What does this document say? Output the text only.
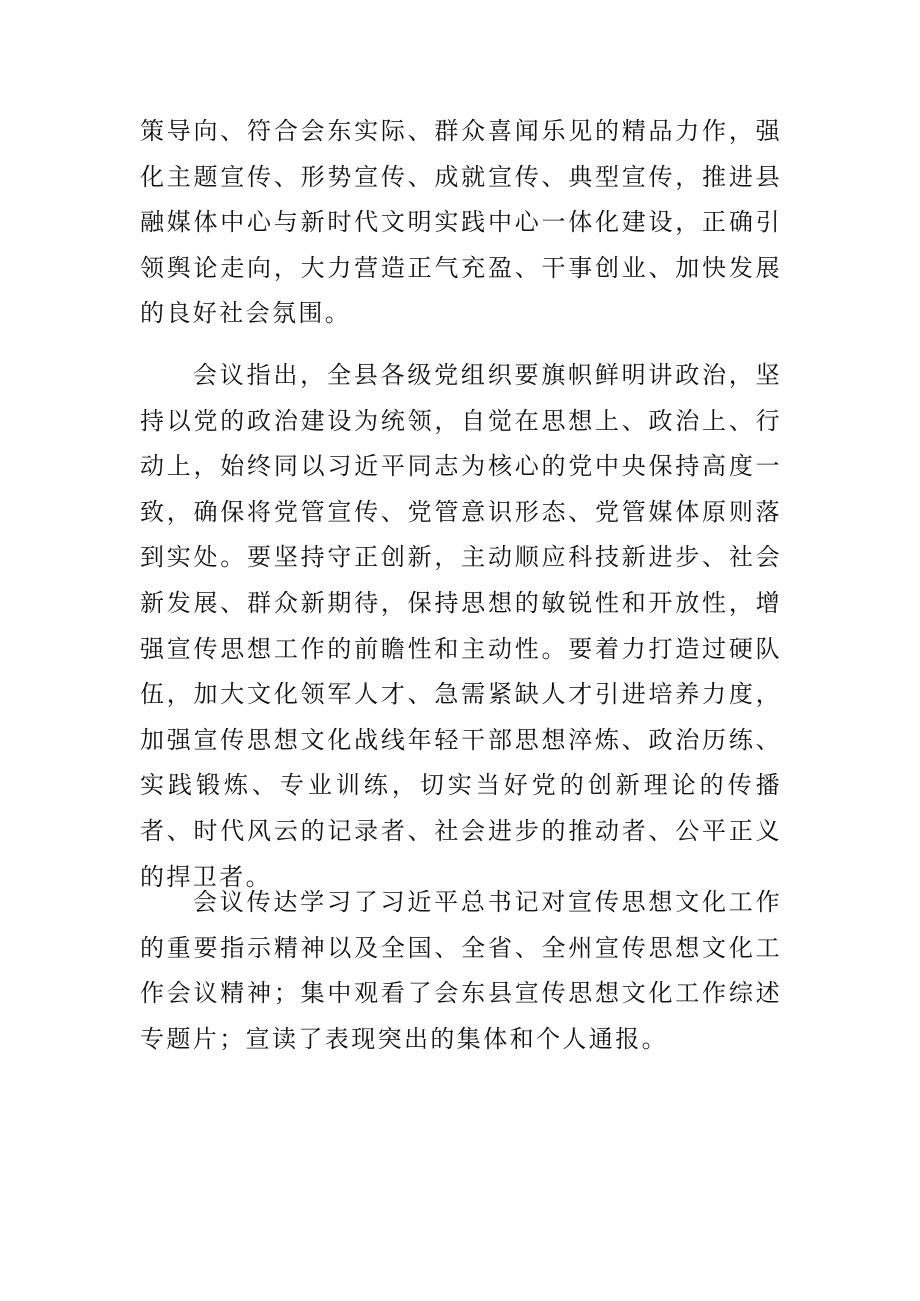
策导向、符合会东实际、群众喜闻乐见的精品力作，强化主题宣传、形势宣传、成就宣传、典型宣传，推进县融媒体中心与新时代文明实践中心一体化建设，正确引领舆论走向，大力营造正气充盈、干事创业、加快发展的良好社会氛围。

会议指出，全县各级党组织要旗帜鲜明讲政治，坚持以党的政治建设为统领，自觉在思想上、政治上、行动上，始终同以习近平同志为核心的党中央保持高度一致，确保将党管宣传、党管意识形态、党管媒体原则落到实处。要坚持守正创新，主动顺应科技新进步、社会新发展、群众新期待，保持思想的敏锐性和开放性，增强宣传思想工作的前瞻性和主动性。要着力打造过硬队伍，加大文化领军人才、急需紧缺人才引进培养力度，加强宣传思想文化战线年轻干部思想淬炼、政治历练、实践锻炼、专业训练，切实当好党的创新理论的传播者、时代风云的记录者、社会进步的推动者、公平正义的捍卫者。

会议传达学习了习近平总书记对宣传思想文化工作的重要指示精神以及全国、全省、全州宣传思想文化工作会议精神；集中观看了会东县宣传思想文化工作综述专题片；宣读了表现突出的集体和个人通报。
